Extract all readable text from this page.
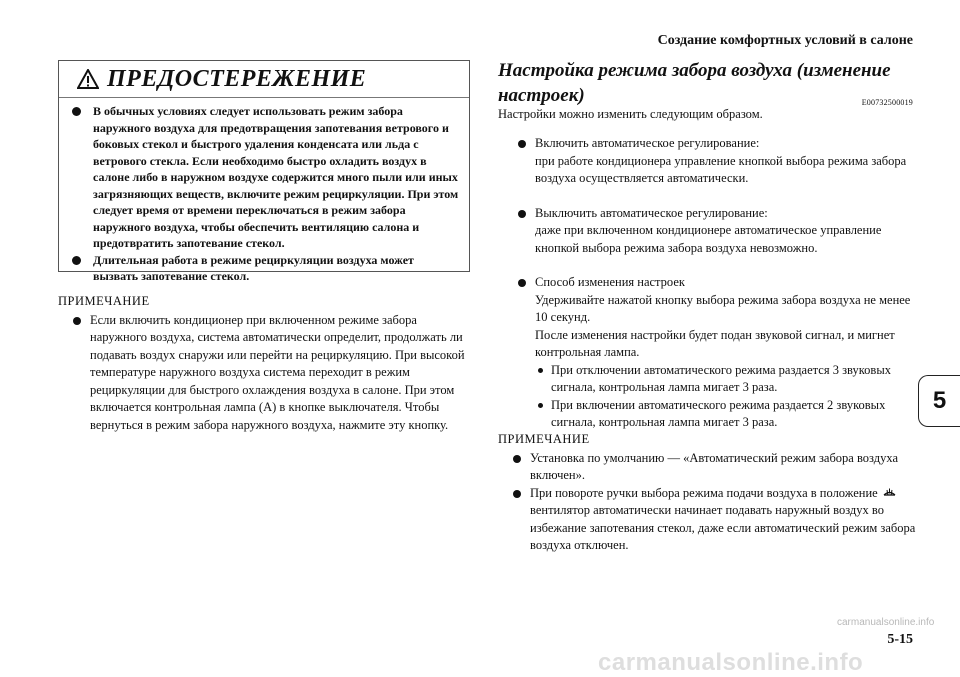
Создание комфортных условий в салоне
ПРЕДОСТЕРЕЖЕНИЕ
В обычных условиях следует использовать режим забора наружного воздуха для предотвращения запотевания ветрового и боковых стекол и быстрого удаления конденсата или льда с ветрового стекла. Если необходимо быстро охладить воздух в салоне либо в наружном воздухе содержится много пыли или иных загрязняющих веществ, включите режим рециркуляции. При этом следует время от времени переключаться в режим забора наружного воздуха, чтобы обеспечить вентиляцию салона и предотвратить запотевание стекол.
Длительная работа в режиме рециркуляции воздуха может вызвать запотевание стекол.
ПРИМЕЧАНИЕ
Если включить кондиционер при включенном режиме забора наружного воздуха, система автоматически определит, продолжать ли подавать воздух снаружи или перейти на рециркуляцию. При высокой температуре наружного воздуха система переходит в режим рециркуляции для быстрого охлаждения воздуха в салоне. При этом включается контрольная лампа (A) в кнопке выключателя. Чтобы вернуться в режим забора наружного воздуха, нажмите эту кнопку.
Настройка режима забора воздуха (изменение настроек)	E00732500019
Настройки можно изменить следующим образом.
Включить автоматическое регулирование:
при работе кондиционера управление кнопкой выбора режима забора воздуха осуществляется автоматически.
Выключить автоматическое регулирование:
даже при включенном кондиционере автоматическое управление кнопкой выбора режима забора воздуха невозможно.
Способ изменения настроек
Удерживайте нажатой кнопку выбора режима забора воздуха не менее 10 секунд.
После изменения настройки будет подан звуковой сигнал, и мигнет контрольная лампа.
При отключении автоматического режима раздается 3 звуковых сигнала, контрольная лампа мигает 3 раза.
При включении автоматического режима раздается 2 звуковых сигнала, контрольная лампа мигает 3 раза.
ПРИМЕЧАНИЕ
Установка по умолчанию — «Автоматический режим забора воздуха включен».
При повороте ручки выбора режима подачи воздуха в положение  вентилятор автоматически начинает подавать наружный воздух во избежание запотевания стекол, даже если автоматический режим забора воздуха отключен.
5
5-15
carmanualsonline.info
carmanualsonline.info
